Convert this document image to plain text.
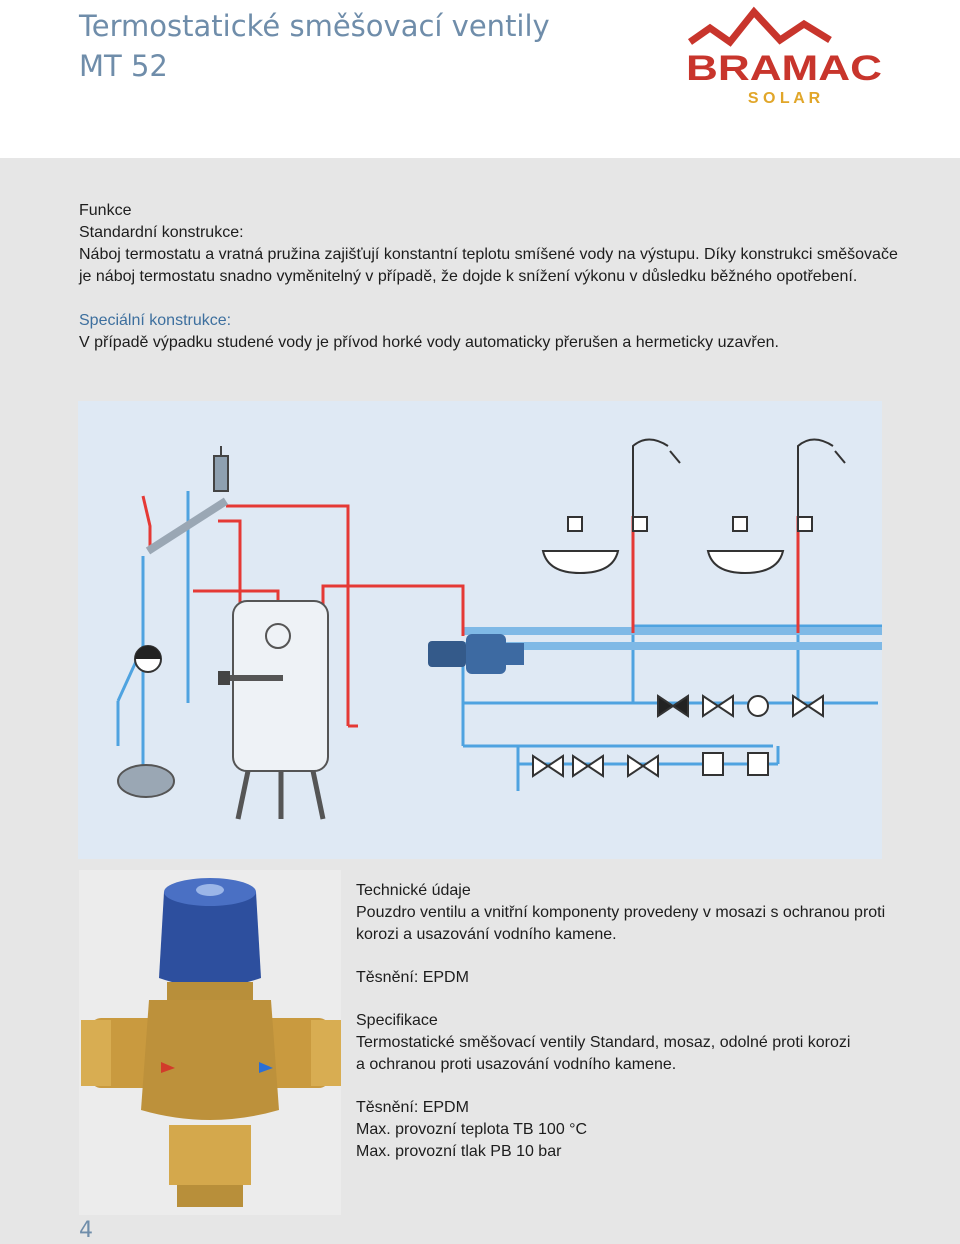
Termostatické směšovací ventily
MT 52	BRAMAC
S O L A R

Funkce

Standardní konstrukce:

Náboj termostatu a vratná pružina zajišťují konstantní teplotu smíšené vody na výstupu. Díky konstrukci směšovače

je náboj termostatu snadno vyměnitelný v případě, že dojde k snížení výkonu v důsledku běžného opotřebení.

Speciální konstrukce:

V případě výpadku studené vody je přívod horké vody automaticky přerušen a hermeticky uzavřen.

Technické údaje

Pouzdro ventilu a vnitřní komponenty provedeny v mosazi s ochranou proti

korozi a usazování vodního kamene.

Těsnění: EPDM

Specifikace

Termostatické směšovací ventily Standard, mosaz, odolné proti korozi

a ochranou proti usazování vodního kamene.

Těsnění: EPDM

Max. provozní teplota TB 100 °C

Max. provozní tlak PB 10 bar

4
